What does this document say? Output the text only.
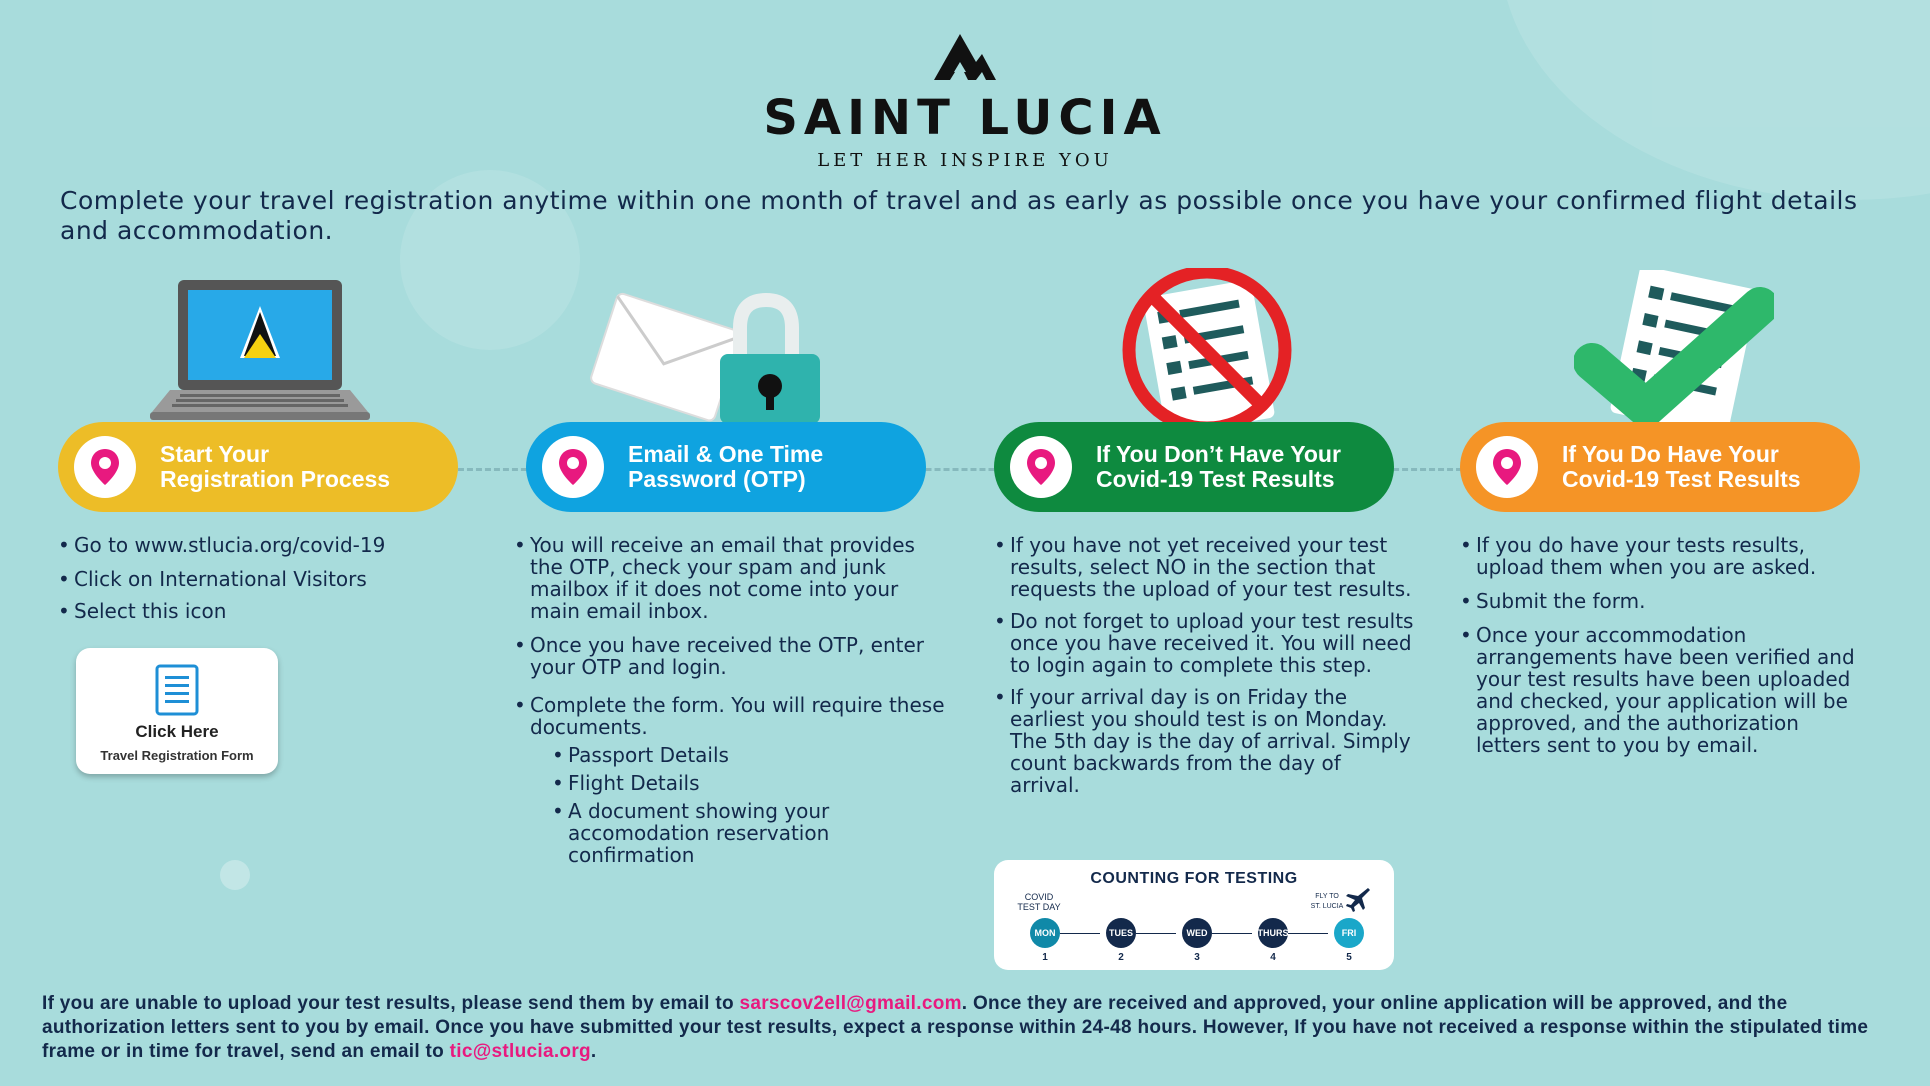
SAINT LUCIA
LET HER INSPIRE YOU
Complete your travel registration anytime within one month of travel and as early as possible once you have your confirmed flight details and accommodation.
Start Your
Registration Process
Email & One Time
Password (OTP)
If You Don’t Have Your
Covid-19 Test Results
If You Do Have Your
Covid-19 Test Results
• Go to www.stlucia.org/covid-19
• Click on International Visitors
• Select this icon
Click Here
Travel Registration Form
• You will receive an email that provides the OTP, check your spam and junk mailbox if it does not come into your main email inbox.
• Once you have received the OTP, enter your OTP and login.
• Complete the form. You will require these documents.
• Passport Details
• Flight Details
• A document showing your accomodation reservation confirmation
• If you have not yet received your test results, select NO in the section that requests the upload of your test results.
• Do not forget to upload your test results once you have received it. You will need to login again to complete this step.
• If your arrival day is on Friday the earliest you should test is on Monday. The 5th day is the day of arrival. Simply count backwards from the day of arrival.
COUNTING FOR TESTING
COVID
TEST DAY
FLY TO
ST. LUCIA
MON
1
TUES
2
WED
3
THURS
4
FRI
5
• If you do have your tests results, upload them when you are asked.
• Submit the form.
• Once your accommodation arrangements have been verified and your test results have been uploaded and checked, your application will be approved, and the authorization letters sent to you by email.
If you are unable to upload your test results, please send them by email to sarscov2ell@gmail.com. Once they are received and approved, your online application will be approved, and the authorization letters sent to you by email. Once you have submitted your test results, expect a response within 24-48 hours. However, If you have not received a response within the stipulated time frame or in time for travel, send an email to tic@stlucia.org.
